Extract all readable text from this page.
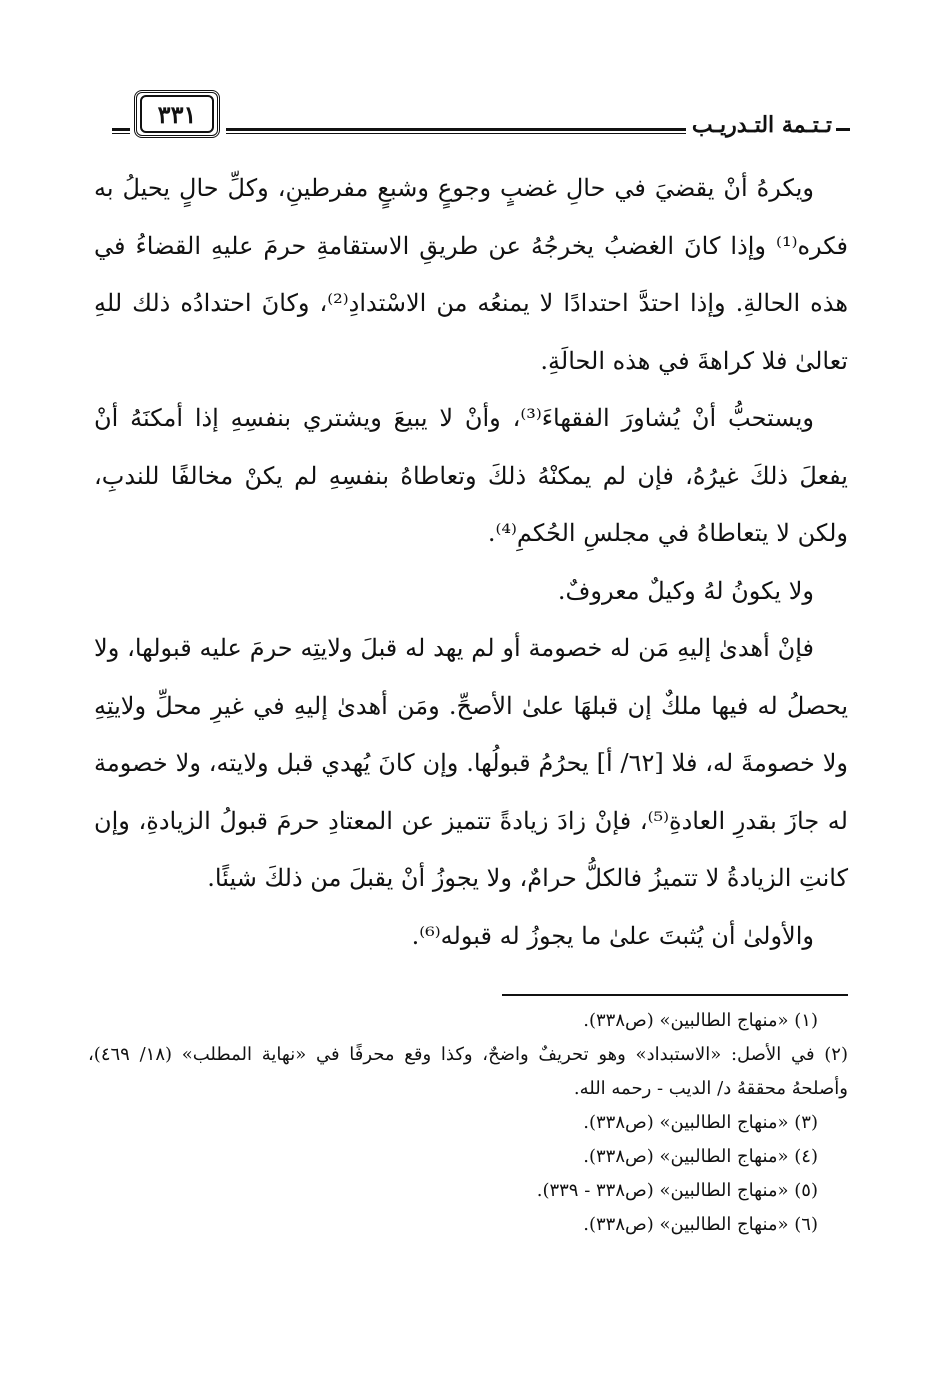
٣٣١	تـتـمة التـدريـب

ويكرهُ أنْ يقضيَ في حالِ غضبٍ وجوعٍ وشبعٍ مفرطينِ، وكلِّ حالٍ يحيلُ به فكره⁽¹⁾ وإذا كانَ الغضبُ يخرجُهُ عن طريقِ الاستقامةِ حرمَ عليهِ القضاءُ في هذه الحالةِ. وإذا احتدَّ احتدادًا لا يمنعُه من الاسْتدادِ⁽²⁾، وكانَ احتدادُه ذلك للهِ تعالىٰ فلا كراهةَ في هذه الحالَةِ.

ويستحبُّ أنْ يُشاورَ الفقهاءَ⁽³⁾، وأنْ لا يبيعَ ويشتري بنفسِهِ إذا أمكنَهُ أنْ يفعلَ ذلكَ غيرُهُ، فإن لم يمكنْهُ ذلكَ وتعاطاهُ بنفسِهِ لم يكنْ مخالفًا للندبِ، ولكن لا يتعاطاهُ في مجلسِ الحُكمِ⁽⁴⁾.

ولا يكونُ لهُ وكيلٌ معروفٌ.

فإنْ أهدىٰ إليهِ مَن له خصومة أو لم يهد له قبلَ ولايتِه حرمَ عليه قبولها، ولا يحصلُ له فيها ملكٌ إن قبلهَا علىٰ الأصحِّ. ومَن أهدىٰ إليهِ في غيرِ محلِّ ولايتِهِ ولا خصومةَ له، فلا [٦٢/ أ] يحرُمُ قبولُها. وإن كانَ يُهدي قبل ولايته، ولا خصومة له جازَ بقدرِ العادةِ⁽⁵⁾، فإنْ زادَ زيادةً تتميز عن المعتادِ حرمَ قبولُ الزيادةِ، وإن كانتِ الزيادةُ لا تتميزُ فالكلُّ حرامٌ، ولا يجوزُ أنْ يقبلَ من ذلكَ شيئًا.

والأولىٰ أن يُثبتَ علىٰ ما يجوزُ له قبوله⁽⁶⁾.

(١) «منهاج الطالبين» (ص٣٣٨).

(٢) في الأصل: «الاستبداد» وهو تحريفٌ واضحٌ، وكذا وقع محرفًا في «نهاية المطلب» (١٨/ ٤٦٩)، وأصلحهُ محققهُ د/ الديب - رحمه الله.

(٣) «منهاج الطالبين» (ص٣٣٨).

(٤) «منهاج الطالبين» (ص٣٣٨).

(٥) «منهاج الطالبين» (ص٣٣٨ - ٣٣٩).

(٦) «منهاج الطالبين» (ص٣٣٨).
